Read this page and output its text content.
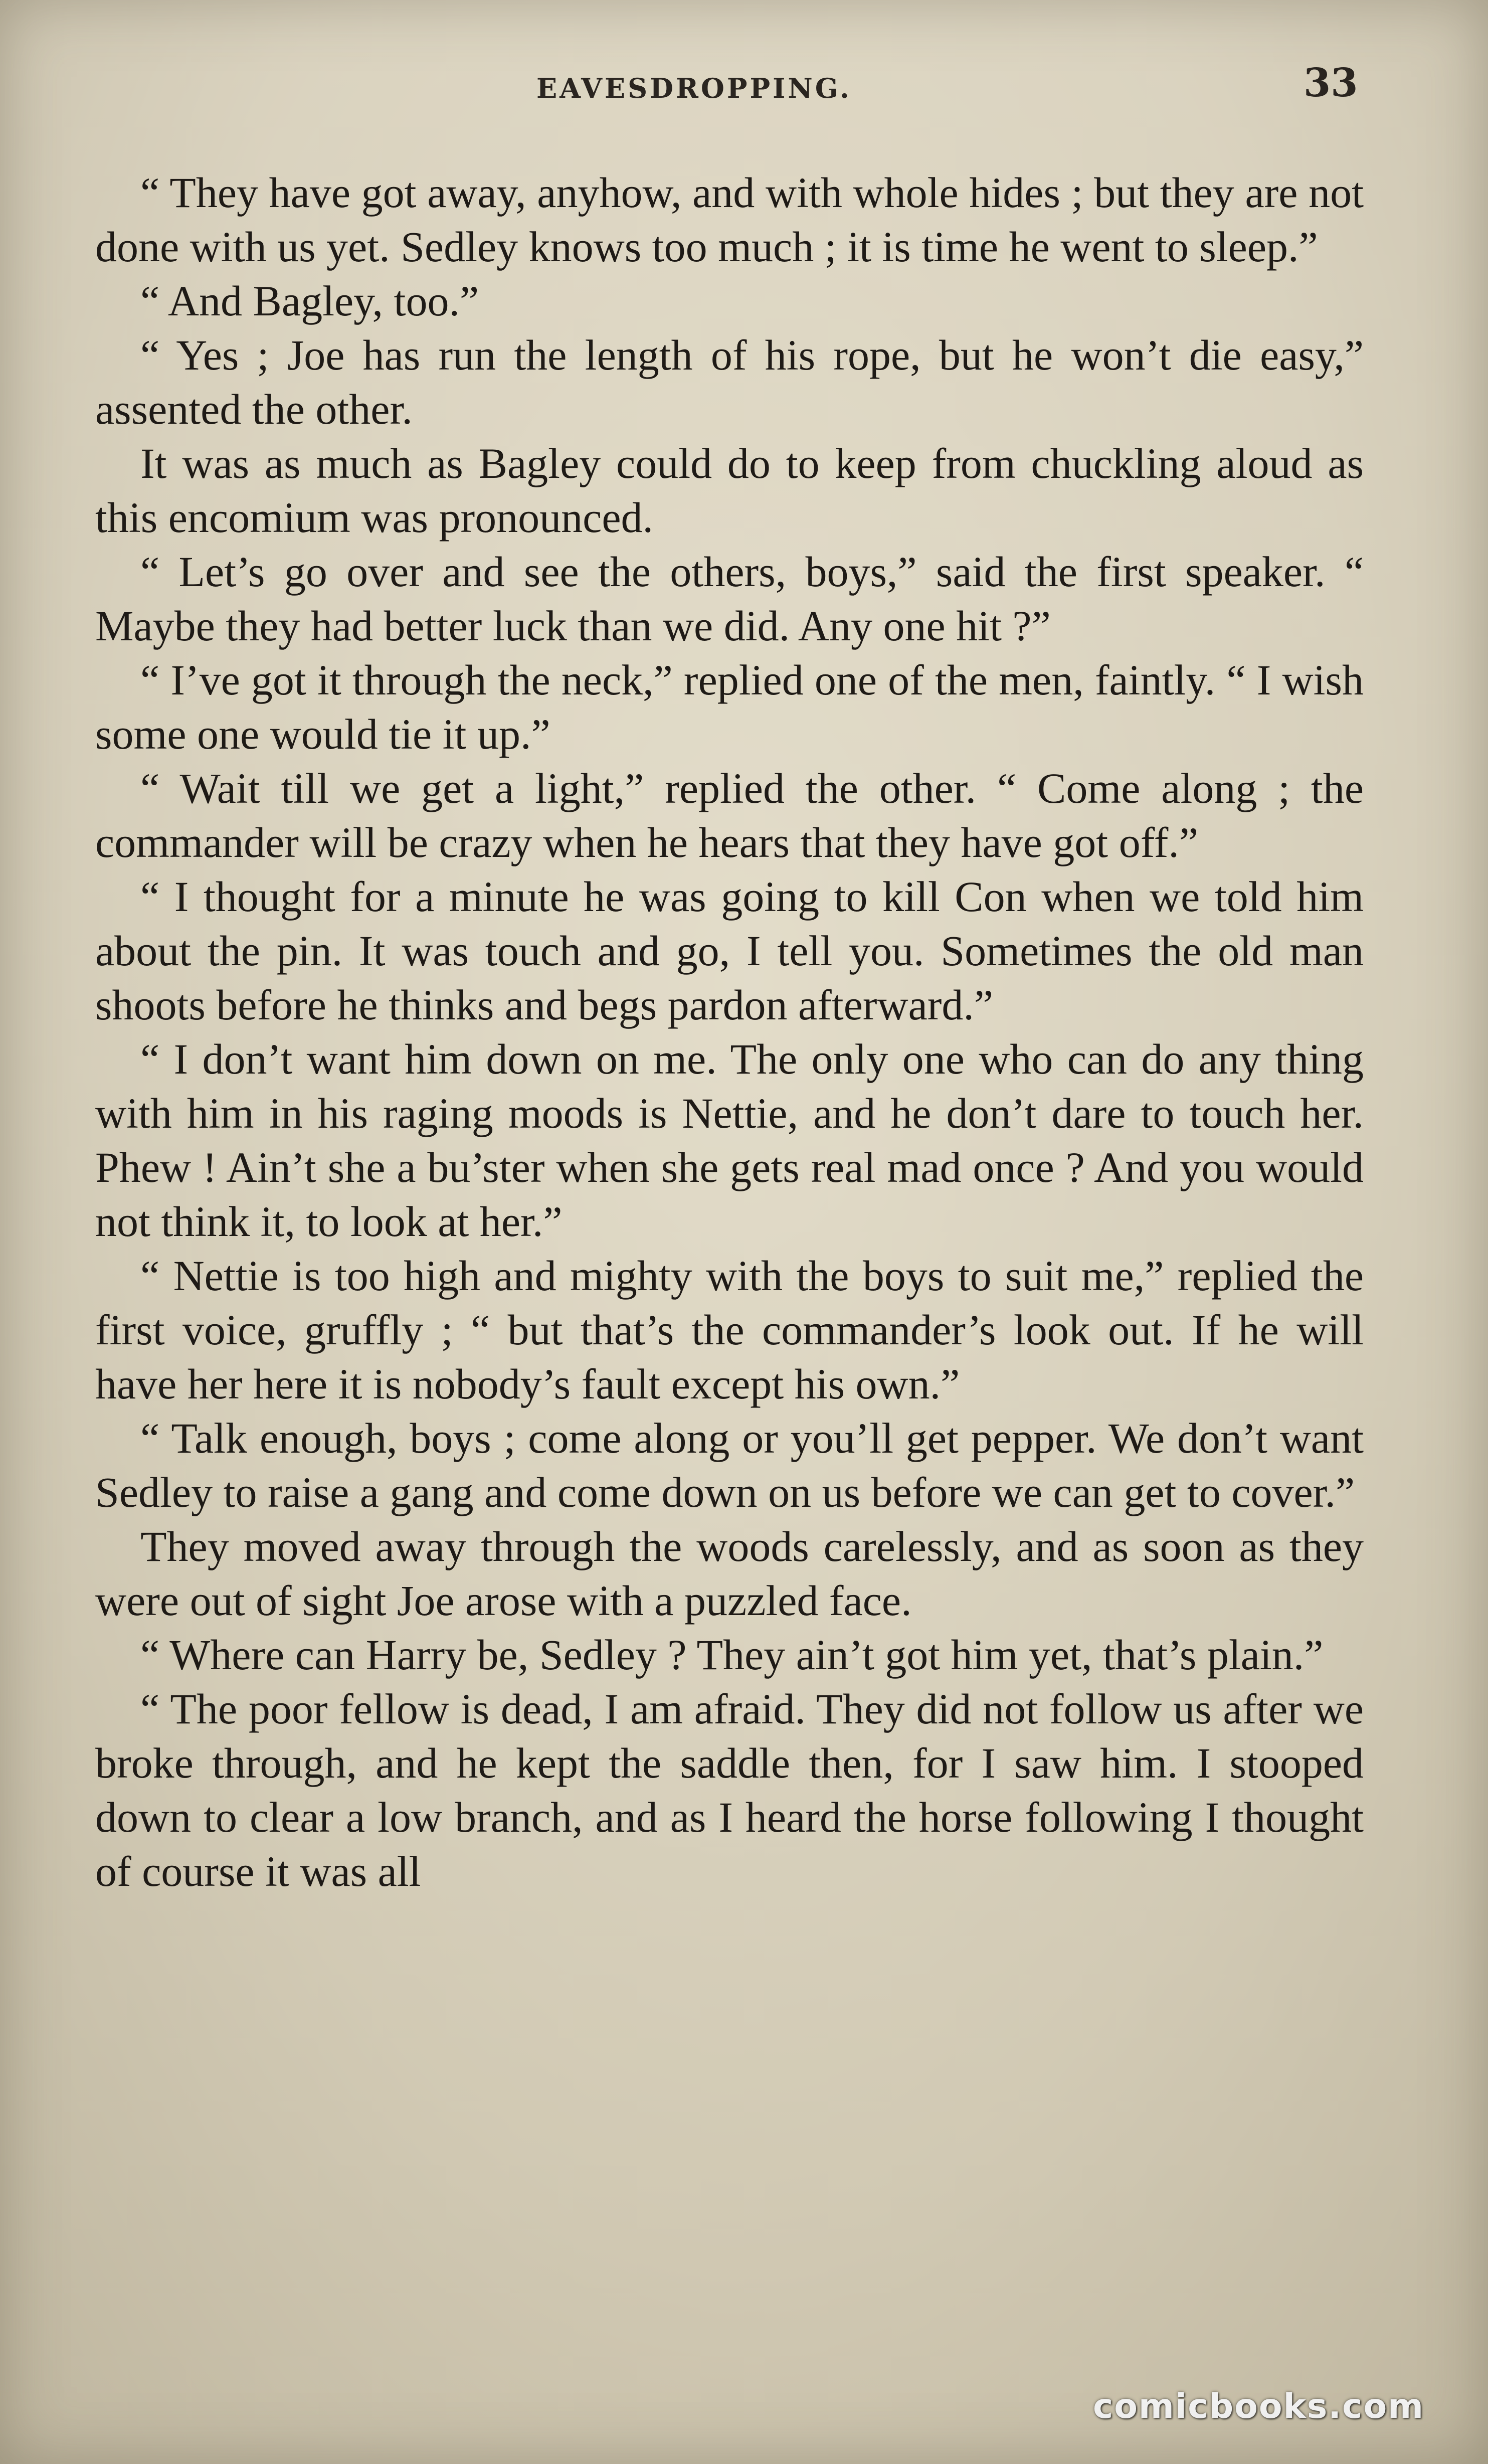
EAVESDROPPING.	33

“ They have got away, anyhow, and with whole hides ; but they are not done with us yet. Sedley knows too much ; it is time he went to sleep.”

“ And Bagley, too.”

“ Yes ; Joe has run the length of his rope, but he won’t die easy,” assented the other.

It was as much as Bagley could do to keep from chuckling aloud as this encomium was pronounced.

“ Let’s go over and see the others, boys,” said the first speaker. “ Maybe they had better luck than we did. Any one hit ?”

“ I’ve got it through the neck,” replied one of the men, faintly. “ I wish some one would tie it up.”

“ Wait till we get a light,” replied the other. “ Come along ; the commander will be crazy when he hears that they have got off.”

“ I thought for a minute he was going to kill Con when we told him about the pin. It was touch and go, I tell you. Sometimes the old man shoots before he thinks and begs pardon afterward.”

“ I don’t want him down on me. The only one who can do any thing with him in his raging moods is Nettie, and he don’t dare to touch her. Phew ! Ain’t she a bu’ster when she gets real mad once ? And you would not think it, to look at her.”

“ Nettie is too high and mighty with the boys to suit me,” replied the first voice, gruffly ; “ but that’s the commander’s look out. If he will have her here it is nobody’s fault except his own.”

“ Talk enough, boys ; come along or you’ll get pepper. We don’t want Sedley to raise a gang and come down on us before we can get to cover.”

They moved away through the woods carelessly, and as soon as they were out of sight Joe arose with a puzzled face.

“ Where can Harry be, Sedley ? They ain’t got him yet, that’s plain.”

“ The poor fellow is dead, I am afraid. They did not follow us after we broke through, and he kept the saddle then, for I saw him. I stooped down to clear a low branch, and as I heard the horse following I thought of course it was all

comicbooks.com
